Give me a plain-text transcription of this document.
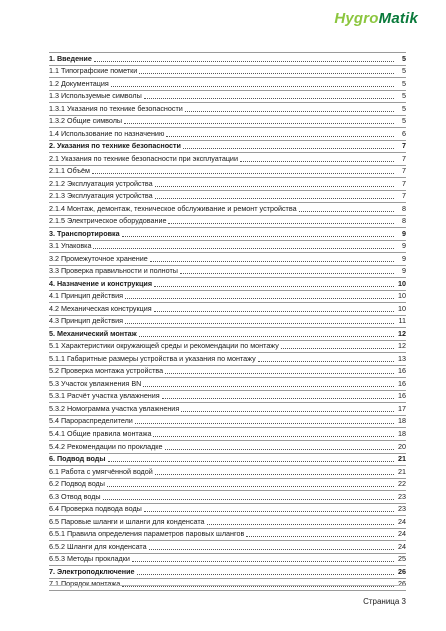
HygroMatik
1. Введение	5
1.1 Типографские пометки	5
1.2 Документация	5
1.3 Используемые символы	5
1.3.1 Указания по технике безопасности	5
1.3.2 Общие символы	5
1.4 Использование по назначению	6
2. Указания по технике безопасности	7
2.1 Указания по технике безопасности при эксплуатации	7
2.1.1 Объём	7
2.1.2 Эксплуатация устройства	7
2.1.3 Эксплуатация устройства	7
2.1.4 Монтаж, демонтаж, техническое обслуживание и ремонт устройства	8
2.1.5 Электрическое оборудование	8
3. Транспортировка	9
3.1 Упаковка	9
3.2 Промежуточное хранение	9
3.3 Проверка правильности и полноты	9
4. Назначение и конструкция	10
4.1 Принцип действия	10
4.2 Механическая конструкция	10
4.3 Принцип действия	11
5. Механический монтаж	12
5.1 Характеристики окружающей среды и рекомендации по монтажу	12
5.1.1 Габаритные размеры устройства и указания по монтажу	13
5.2 Проверка монтажа устройства	16
5.3 Участок увлажнения BN	16
5.3.1 Расчёт участка увлажнения	16
5.3.2 Номограмма участка увлажнения	17
5.4 Парораспределители	18
5.4.1 Общие правила монтажа	18
5.4.2 Рекомендации по прокладке	20
6. Подвод воды	21
6.1 Работа с умягчённой водой	21
6.2 Подвод воды	22
6.3 Отвод воды	23
6.4 Проверка подвода воды	23
6.5 Паровые шланги и шланги для конденсата	24
6.5.1 Правила определения параметров паровых шлангов	24
6.5.2 Шланги для конденсата	24
6.5.3 Методы прокладки	25
7. Электроподключение	26
7.1 Порядок монтажа	26
Страница 3
